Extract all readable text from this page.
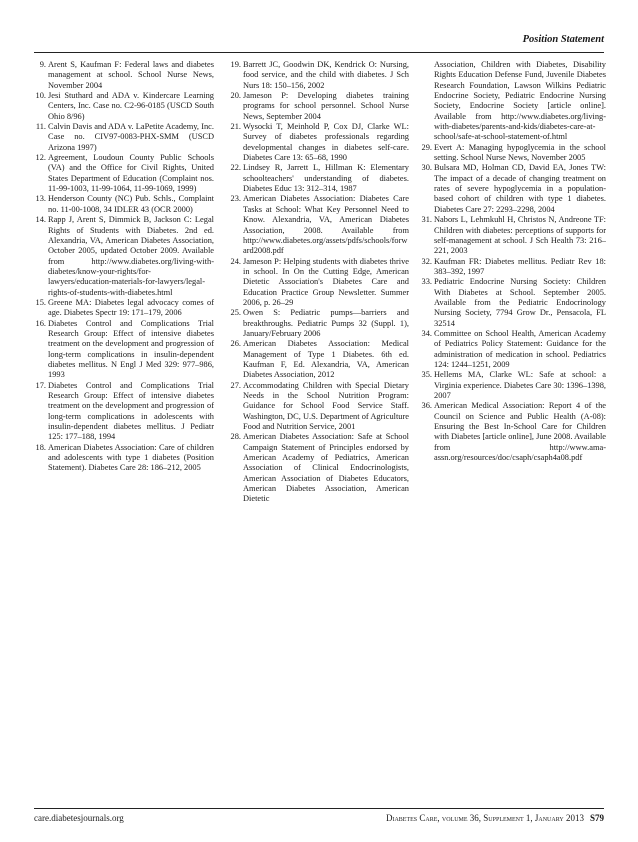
Position Statement
9. Arent S, Kaufman F: Federal laws and diabetes management at school. School Nurse News, November 2004
10. Jesi Stuthard and ADA v. Kindercare Learning Centers, Inc. Case no. C2-96-0185 (USCD South Ohio 8/96)
11. Calvin Davis and ADA v. LaPetite Academy, Inc. Case no. CIV97-0083-PHX-SMM (USCD Arizona 1997)
12. Agreement, Loudoun County Public Schools (VA) and the Office for Civil Rights, United States Department of Education (Complaint nos. 11-99-1003, 11-99-1064, 11-99-1069, 1999)
13. Henderson County (NC) Pub. Schls., Complaint no. 11-00-1008, 34 IDLER 43 (OCR 2000)
14. Rapp J, Arent S, Dimmick B, Jackson C: Legal Rights of Students with Diabetes. 2nd ed. Alexandria, VA, American Diabetes Association, October 2005, updated October 2009. Available from http://www.diabetes.org/living-with-diabetes/know-your-rights/for-lawyers/education-materials-for-lawyers/legal-rights-of-students-with-diabetes.html
15. Greene MA: Diabetes legal advocacy comes of age. Diabetes Spectr 19: 171–179, 2006
16. Diabetes Control and Complications Trial Research Group: Effect of intensive diabetes treatment on the development and progression of long-term complications in insulin-dependent diabetes mellitus. N Engl J Med 329: 977–986, 1993
17. Diabetes Control and Complications Trial Research Group: Effect of intensive diabetes treatment on the development and progression of long-term complications in adolescents with insulin-dependent diabetes mellitus. J Pediatr 125: 177–188, 1994
18. American Diabetes Association: Care of children and adolescents with type 1 diabetes (Position Statement). Diabetes Care 28: 186–212, 2005
19. Barrett JC, Goodwin DK, Kendrick O: Nursing, food service, and the child with diabetes. J Sch Nurs 18: 150–156, 2002
20. Jameson P: Developing diabetes training programs for school personnel. School Nurse News, September 2004
21. Wysocki T, Meinhold P, Cox DJ, Clarke WL: Survey of diabetes professionals regarding developmental changes in diabetes self-care. Diabetes Care 13: 65–68, 1990
22. Lindsey R, Jarrett L, Hillman K: Elementary schoolteachers' understanding of diabetes. Diabetes Educ 13: 312–314, 1987
23. American Diabetes Association: Diabetes Care Tasks at School: What Key Personnel Need to Know. Alexandria, VA, American Diabetes Association, 2008. Available from http://www.diabetes.org/assets/pdfs/schools/forward2008.pdf
24. Jameson P: Helping students with diabetes thrive in school. In On the Cutting Edge, American Dietetic Association's Diabetes Care and Education Practice Group Newsletter. Summer 2006, p. 26–29
25. Owen S: Pediatric pumps—barriers and breakthroughs. Pediatric Pumps 32 (Suppl. 1), January/February 2006
26. American Diabetes Association: Medical Management of Type 1 Diabetes. 6th ed. Kaufman F, Ed. Alexandria, VA, American Diabetes Association, 2012
27. Accommodating Children with Special Dietary Needs in the School Nutrition Program: Guidance for School Food Service Staff. Washington, DC, U.S. Department of Agriculture Food and Nutrition Service, 2001
28. American Diabetes Association: Safe at School Campaign Statement of Principles endorsed by American Academy of Pediatrics, American Association of Clinical Endocrinologists, American Association of Diabetes Educators, American Diabetes Association, American Dietetic
Association, Children with Diabetes, Disability Rights Education Defense Fund, Juvenile Diabetes Research Foundation, Lawson Wilkins Pediatric Endocrine Society, Pediatric Endocrine Nursing Society, Endocrine Society [article online]. Available from http://www.diabetes.org/living-with-diabetes/parents-and-kids/diabetes-care-at-school/safe-at-school-statement-of.html
29. Evert A: Managing hypoglycemia in the school setting. School Nurse News, November 2005
30. Bulsara MD, Holman CD, David EA, Jones TW: The impact of a decade of changing treatment on rates of severe hypoglycemia in a population-based cohort of children with type 1 diabetes. Diabetes Care 27: 2293–2298, 2004
31. Nabors L, Lehmkuhl H, Christos N, Andreone TF: Children with diabetes: perceptions of supports for self-management at school. J Sch Health 73: 216–221, 2003
32. Kaufman FR: Diabetes mellitus. Pediatr Rev 18: 383–392, 1997
33. Pediatric Endocrine Nursing Society: Children With Diabetes at School. September 2005. Available from the Pediatric Endocrinology Nursing Society, 7794 Grow Dr., Pensacola, FL 32514
34. Committee on School Health, American Academy of Pediatrics Policy Statement: Guidance for the administration of medication in school. Pediatrics 124: 1244–1251, 2009
35. Hellems MA, Clarke WL: Safe at school: a Virginia experience. Diabetes Care 30: 1396–1398, 2007
36. American Medical Association: Report 4 of the Council on Science and Public Health (A-08): Ensuring the Best In-School Care for Children with Diabetes [article online], June 2008. Available from http://www.ama-assn.org/resources/doc/csaph/csaph4a08.pdf
care.diabetesjournals.org	Diabetes Care, volume 36, Supplement 1, January 2013 S79
